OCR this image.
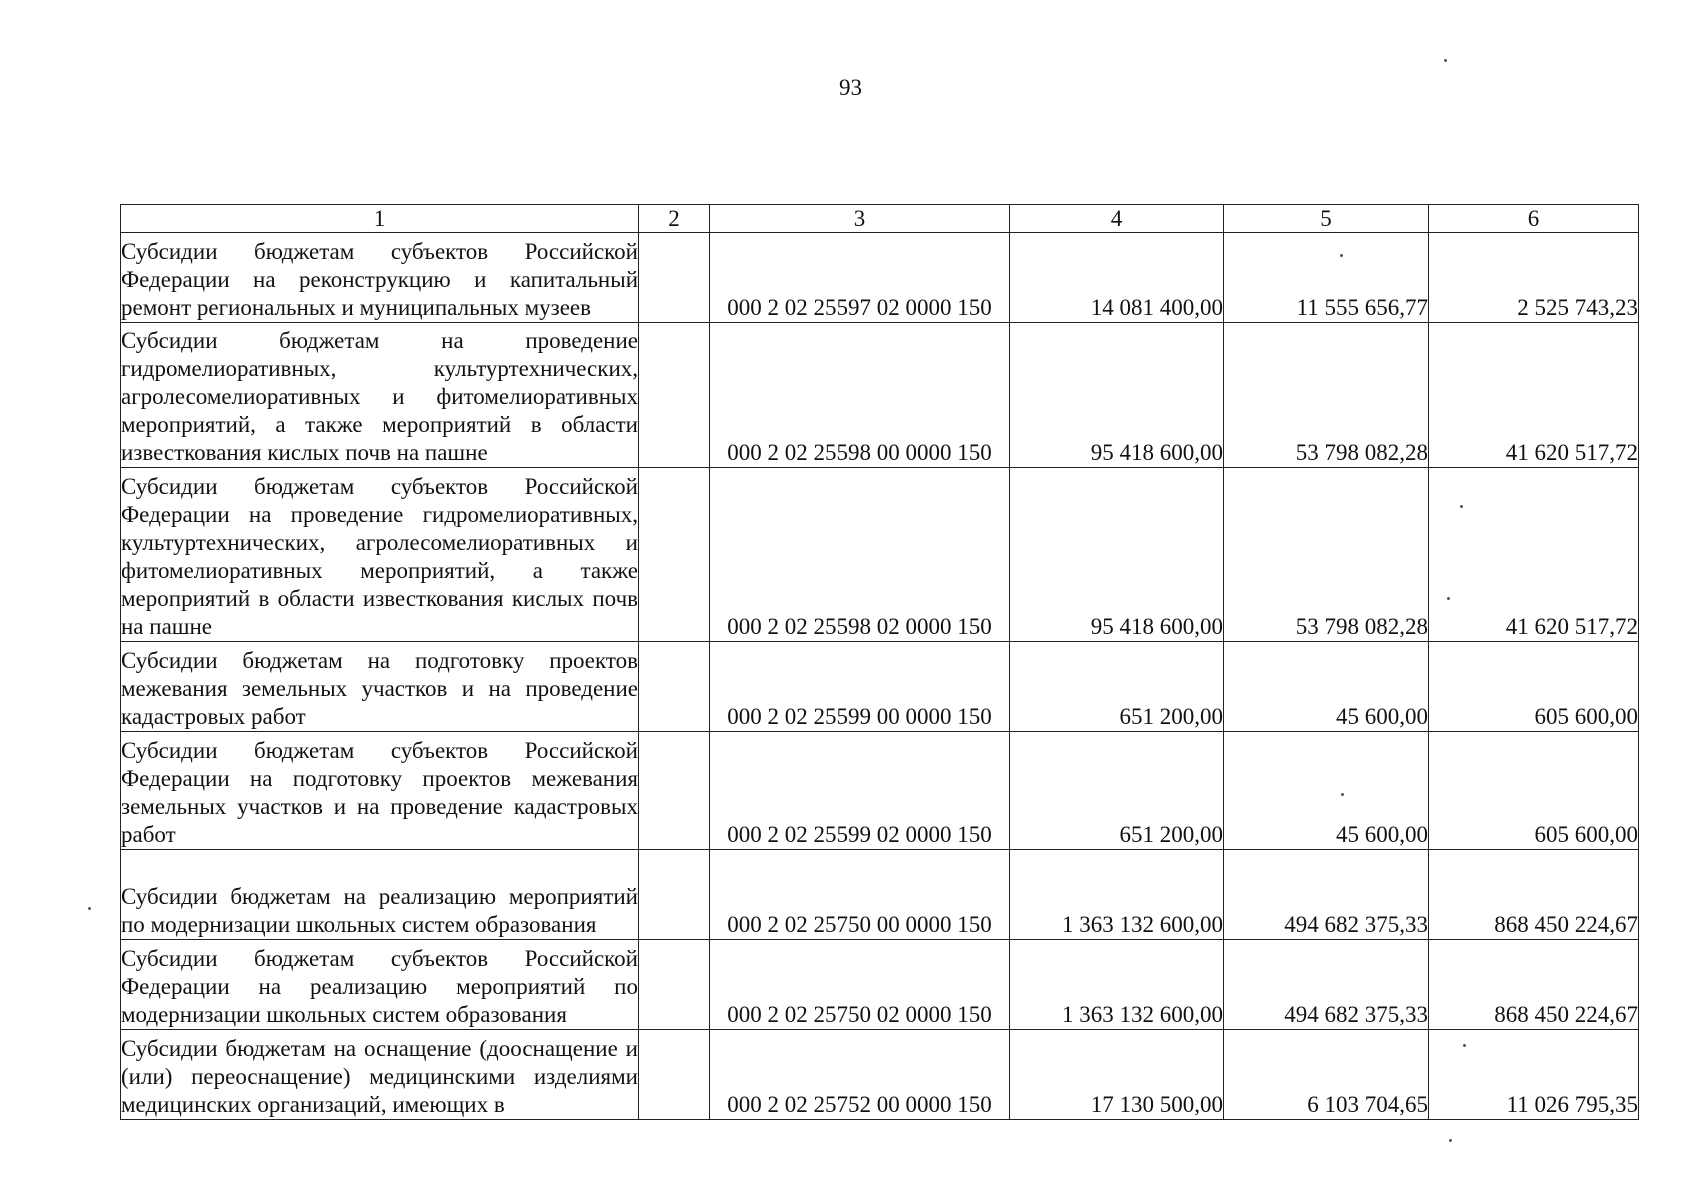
93
1	2	3	4	5	6
Субсидии бюджетам субъектов Российской Федерации на реконструкцию и капитальный ремонт региональных и муниципальных музеев		000 2 02 25597 02 0000 150	14 081 400,00	11 555 656,77	2 525 743,23
Субсидии бюджетам на проведение гидромелиоративных, культуртехнических, агролесомелиоративных и фитомелиоративных мероприятий, а также мероприятий в области известкования кислых почв на пашне		000 2 02 25598 00 0000 150	95 418 600,00	53 798 082,28	41 620 517,72
Субсидии бюджетам субъектов Российской Федерации на проведение гидромелиоративных, культуртехнических, агролесомелиоративных и фитомелиоративных мероприятий, а также мероприятий в области известкования кислых почв на пашне		000 2 02 25598 02 0000 150	95 418 600,00	53 798 082,28	41 620 517,72
Субсидии бюджетам на подготовку проектов межевания земельных участков и на проведение кадастровых работ		000 2 02 25599 00 0000 150	651 200,00	45 600,00	605 600,00
Субсидии бюджетам субъектов Российской Федерации на подготовку проектов межевания земельных участков и на проведение кадастровых работ		000 2 02 25599 02 0000 150	651 200,00	45 600,00	605 600,00
Субсидии бюджетам на реализацию мероприятий по модернизации школьных систем образования		000 2 02 25750 00 0000 150	1 363 132 600,00	494 682 375,33	868 450 224,67
Субсидии бюджетам субъектов Российской Федерации на реализацию мероприятий по модернизации школьных систем образования		000 2 02 25750 02 0000 150	1 363 132 600,00	494 682 375,33	868 450 224,67
Субсидии бюджетам на оснащение (дооснащение и (или) переоснащение) медицинскими изделиями медицинских организаций, имеющих в		000 2 02 25752 00 0000 150	17 130 500,00	6 103 704,65	11 026 795,35
